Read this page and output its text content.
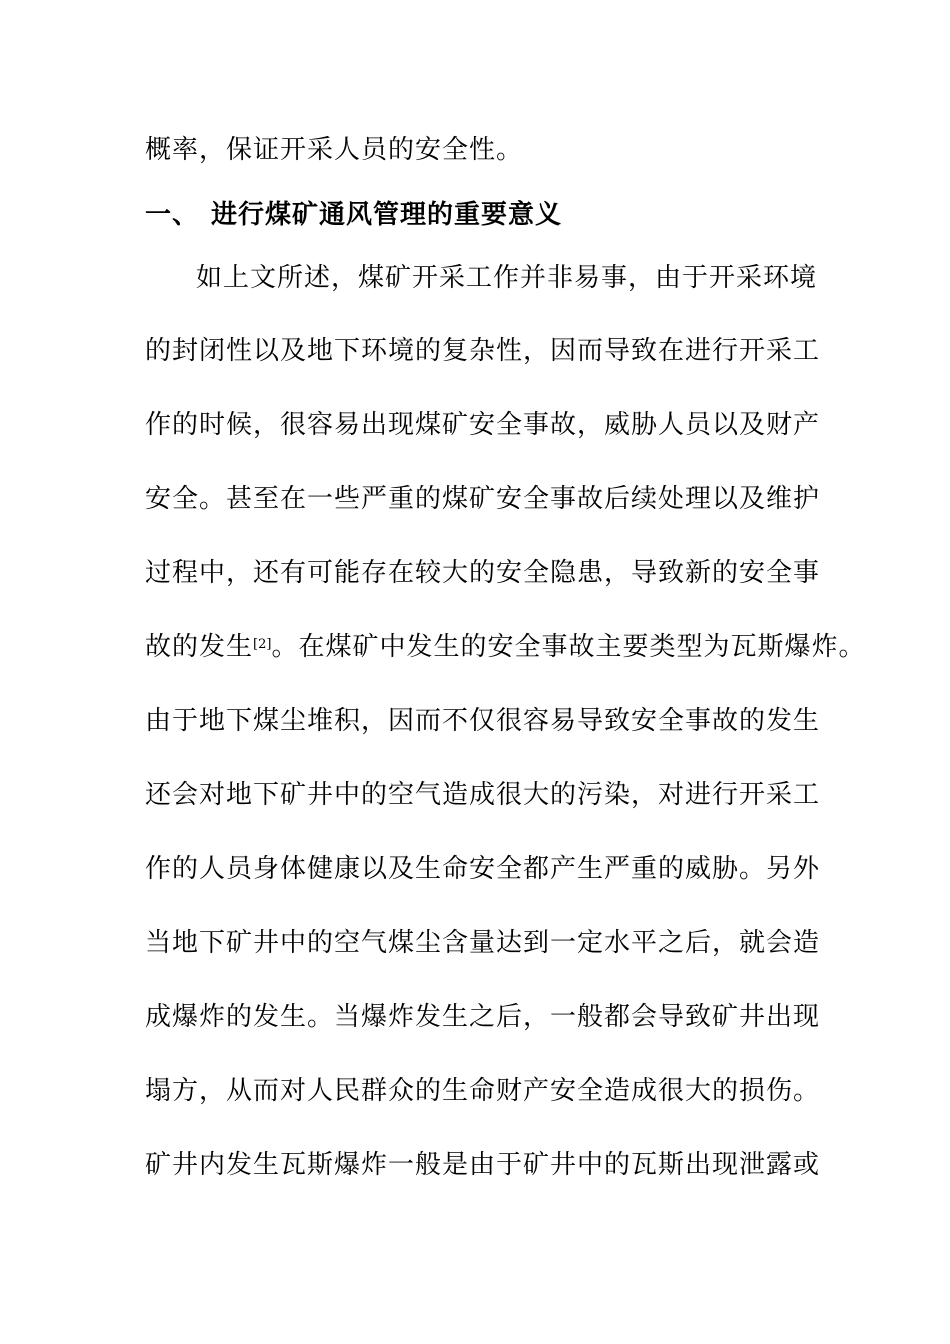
概率，保证开采人员的安全性。
一、 进行煤矿通风管理的重要意义
如上文所述，煤矿开采工作并非易事，由于开采环境
的封闭性以及地下环境的复杂性，因而导致在进行开采工
作的时候，很容易出现煤矿安全事故，威胁人员以及财产
安全。甚至在一些严重的煤矿安全事故后续处理以及维护
过程中，还有可能存在较大的安全隐患，导致新的安全事
故的发生[2]。在煤矿中发生的安全事故主要类型为瓦斯爆炸。
由于地下煤尘堆积，因而不仅很容易导致安全事故的发生
还会对地下矿井中的空气造成很大的污染，对进行开采工
作的人员身体健康以及生命安全都产生严重的威胁。另外
当地下矿井中的空气煤尘含量达到一定水平之后，就会造
成爆炸的发生。当爆炸发生之后，一般都会导致矿井出现
塌方，从而对人民群众的生命财产安全造成很大的损伤。
矿井内发生瓦斯爆炸一般是由于矿井中的瓦斯出现泄露或
